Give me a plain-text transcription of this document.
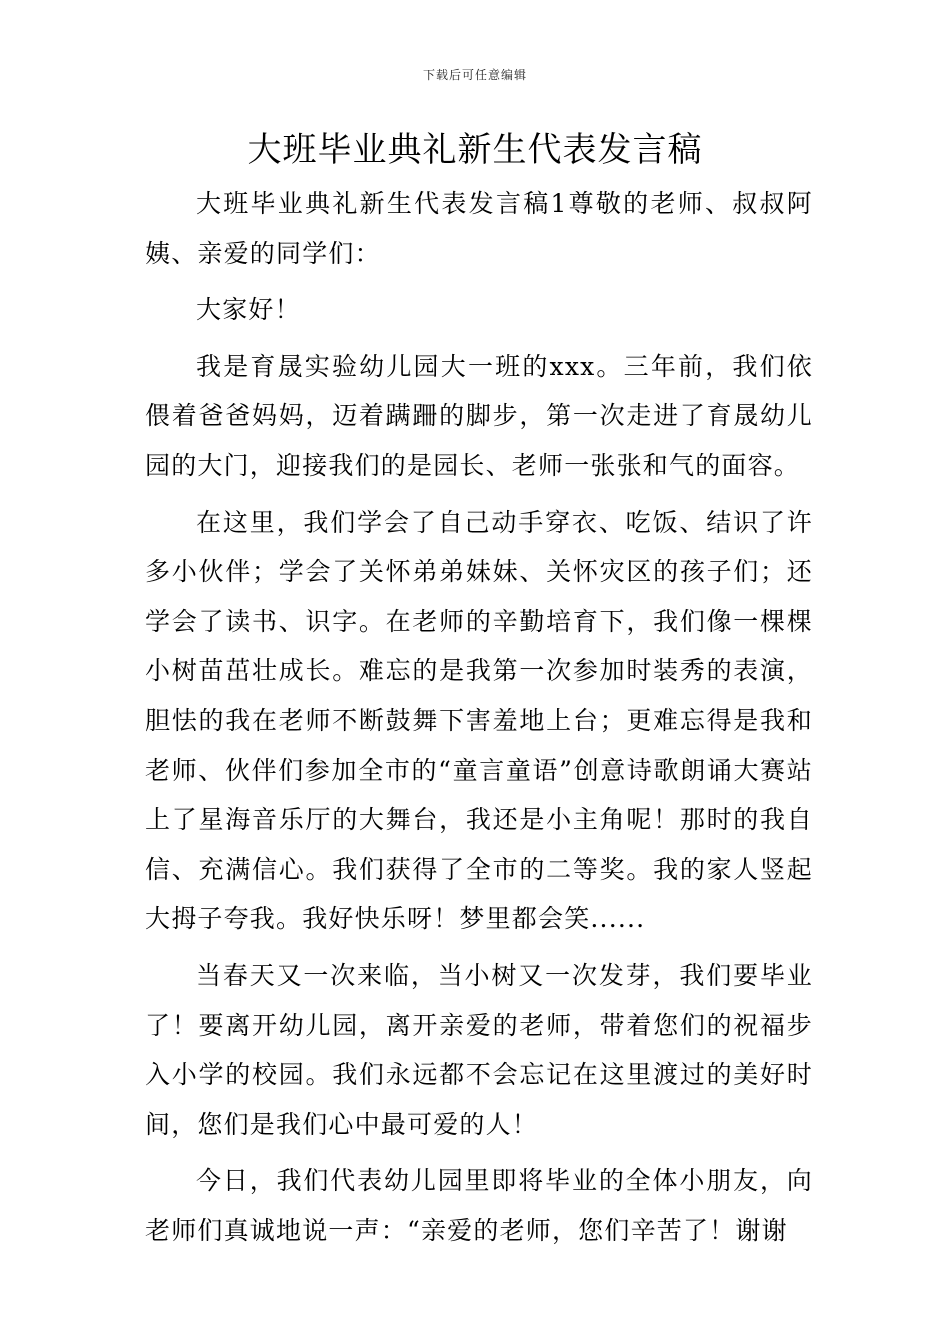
下载后可任意编辑
大班毕业典礼新生代表发言稿

大班毕业典礼新生代表发言稿1尊敬的老师、叔叔阿姨、亲爱的同学们：

大家好！

我是育晟实验幼儿园大一班的xxx。三年前，我们依偎着爸爸妈妈，迈着蹒跚的脚步，第一次走进了育晟幼儿园的大门，迎接我们的是园长、老师一张张和气的面容。

在这里，我们学会了自己动手穿衣、吃饭、结识了许多小伙伴；学会了关怀弟弟妹妹、关怀灾区的孩子们；还学会了读书、识字。在老师的辛勤培育下，我们像一棵棵小树苗茁壮成长。难忘的是我第一次参加时装秀的表演，胆怯的我在老师不断鼓舞下害羞地上台；更难忘得是我和老师、伙伴们参加全市的“童言童语”创意诗歌朗诵大赛站上了星海音乐厅的大舞台，我还是小主角呢！那时的我自信、充满信心。我们获得了全市的二等奖。我的家人竖起大拇子夸我。我好快乐呀！梦里都会笑......

当春天又一次来临，当小树又一次发芽，我们要毕业了！要离开幼儿园，离开亲爱的老师，带着您们的祝福步入小学的校园。我们永远都不会忘记在这里渡过的美好时间，您们是我们心中最可爱的人！

今日，我们代表幼儿园里即将毕业的全体小朋友，向老师们真诚地说一声：“亲爱的老师，您们辛苦了！谢谢
